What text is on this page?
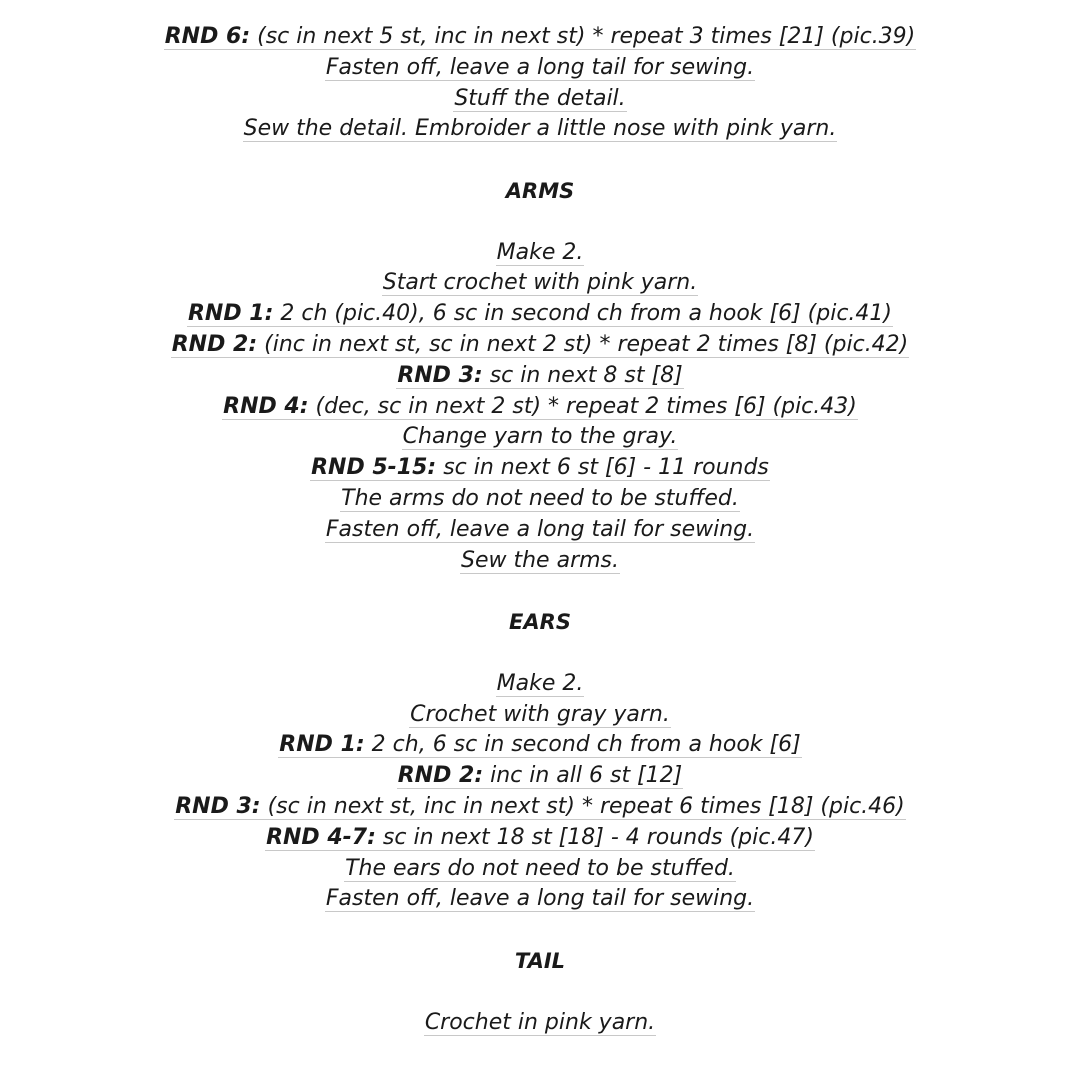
RND 6: (sc in next 5 st, inc in next st) * repeat 3 times [21] (pic.39)
Fasten off, leave a long tail for sewing.
Stuff the detail.
Sew the detail. Embroider a little nose with pink yarn.
ARMS
Make 2.
Start crochet with pink yarn.
RND 1: 2 ch (pic.40), 6 sc in second ch from a hook [6] (pic.41)
RND 2: (inc in next st, sc in next 2 st) * repeat 2 times [8] (pic.42)
RND 3: sc in next 8 st [8]
RND 4: (dec, sc in next 2 st) * repeat 2 times [6] (pic.43)
Change yarn to the gray.
RND 5-15: sc in next 6 st [6] - 11 rounds
The arms do not need to be stuffed.
Fasten off, leave a long tail for sewing.
Sew the arms.
EARS
Make 2.
Crochet with gray yarn.
RND 1: 2 ch, 6 sc in second ch from a hook [6]
RND 2: inc in all 6 st [12]
RND 3: (sc in next st, inc in next st) * repeat 6 times [18] (pic.46)
RND 4-7: sc in next 18 st [18] - 4 rounds (pic.47)
The ears do not need to be stuffed.
Fasten off, leave a long tail for sewing.
TAIL
Crochet in pink yarn.
